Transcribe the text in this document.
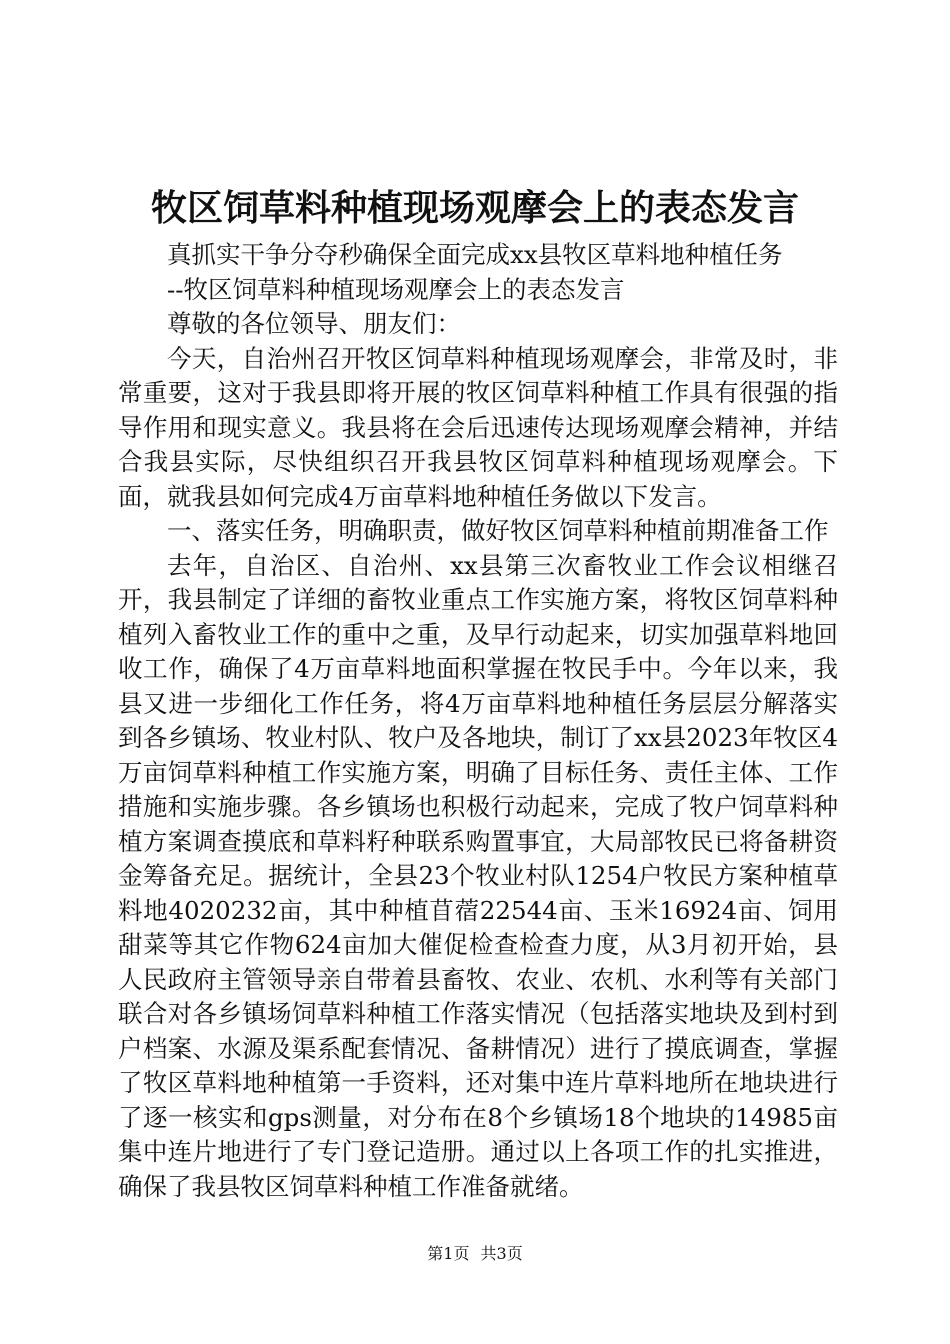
牧区饲草料种植现场观摩会上的表态发言

真抓实干争分夺秒确保全面完成xx县牧区草料地种植任务

--牧区饲草料种植现场观摩会上的表态发言

尊敬的各位领导、朋友们：

今天，自治州召开牧区饲草料种植现场观摩会，非常及时，非常重要，这对于我县即将开展的牧区饲草料种植工作具有很强的指导作用和现实意义。我县将在会后迅速传达现场观摩会精神，并结合我县实际，尽快组织召开我县牧区饲草料种植现场观摩会。下面，就我县如何完成4万亩草料地种植任务做以下发言。

一、落实任务，明确职责，做好牧区饲草料种植前期准备工作

去年，自治区、自治州、xx县第三次畜牧业工作会议相继召开，我县制定了详细的畜牧业重点工作实施方案，将牧区饲草料种植列入畜牧业工作的重中之重，及早行动起来，切实加强草料地回收工作，确保了4万亩草料地面积掌握在牧民手中。今年以来，我县又进一步细化工作任务，将4万亩草料地种植任务层层分解落实到各乡镇场、牧业村队、牧户及各地块，制订了xx县2023年牧区4万亩饲草料种植工作实施方案，明确了目标任务、责任主体、工作措施和实施步骤。各乡镇场也积极行动起来，完成了牧户饲草料种植方案调查摸底和草料籽种联系购置事宜，大局部牧民已将备耕资金筹备充足。据统计，全县23个牧业村队1254户牧民方案种植草料地4020232亩，其中种植苜蓿22544亩、玉米16924亩、饲用甜菜等其它作物624亩加大催促检查检查力度，从3月初开始，县人民政府主管领导亲自带着县畜牧、农业、农机、水利等有关部门联合对各乡镇场饲草料种植工作落实情况（包括落实地块及到村到户档案、水源及渠系配套情况、备耕情况）进行了摸底调查，掌握了牧区草料地种植第一手资料，还对集中连片草料地所在地块进行了逐一核实和gps测量，对分布在8个乡镇场18个地块的14985亩集中连片地进行了专门登记造册。通过以上各项工作的扎实推进，确保了我县牧区饲草料种植工作准备就绪。

第1页 共3页
